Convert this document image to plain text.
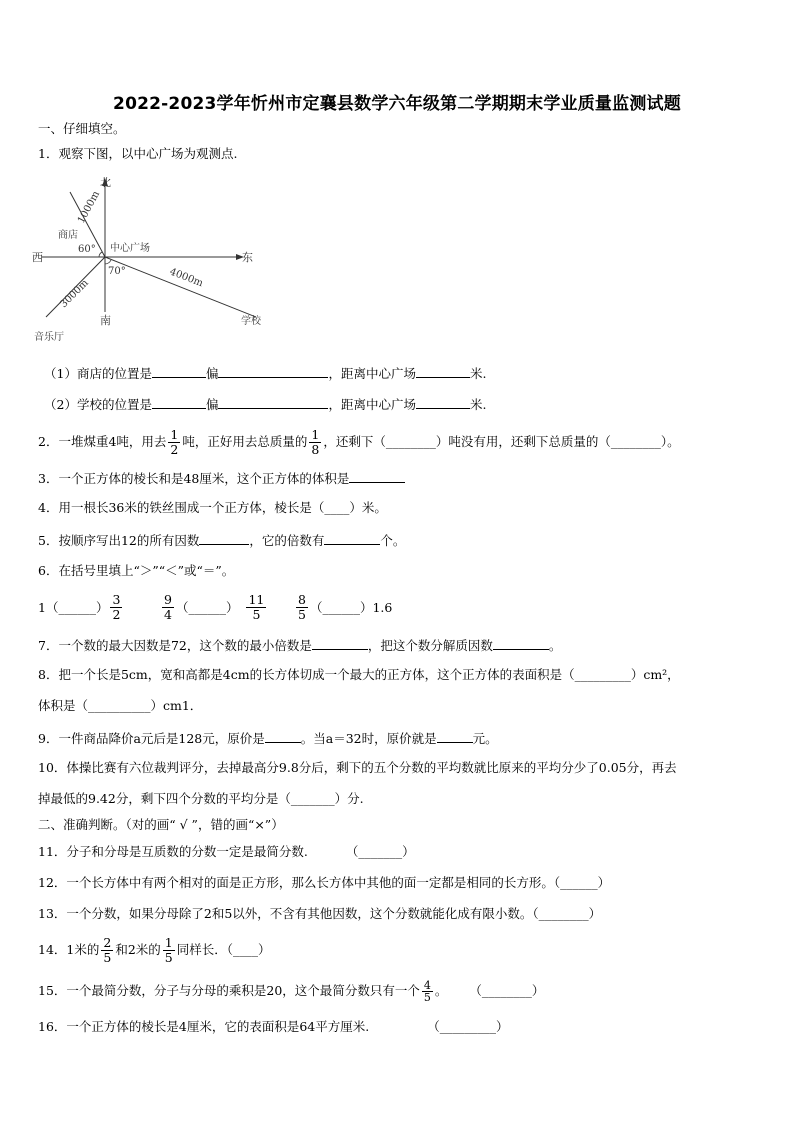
2022-2023学年忻州市定襄县数学六年级第二学期期末学业质量监测试题
一、仔细填空。
1．观察下图，以中心广场为观测点.
北
南
东
西
中心广场
商店
学校
音乐厅
60°
70°
1000m
4000m
3000m
（1）商店的位置是	偏	，距离中心广场	米.
（2）学校的位置是	偏	，距离中心广场	米.
2．一堆煤重4吨，用去 $\frac{1}{2}$ 吨，正好用去总质量的 $\frac{1}{8}$ ，还剩下（________）吨没有用，还剩下总质量的（________）。
3．一个正方体的棱长和是48厘米，这个正方体的体积是
4．用一根长36米的铁丝围成一个正方体，棱长是（____）米。
5．按顺序写出12的所有因数	，它的倍数有	个。
6．在括号里填上“＞”“＜”或“＝”。
1（______） $\frac{3}{2}$	$\frac{9}{4}$ （______） $\frac{11}{5} \frac{8}{5}$ （______）1.6
7．一个数的最大因数是72，这个数的最小倍数是	，把这个数分解质因数	。
8．把一个长是5cm，宽和高都是4cm的长方体切成一个最大的正方体，这个正方体的表面积是（_________）cm²，
体积是（__________）cm1．
9．一件商品降价a元后是128元，原价是	。当a＝32时，原价就是	元。
10．体操比赛有六位裁判评分，去掉最高分9.8分后，剩下的五个分数的平均数就比原来的平均分少了0.05分，再去
掉最低的9.42分，剩下四个分数的平均分是（_______）分.
二、准确判断。（对的画“ √ ”，错的画“×”）
11．分子和分母是互质数的分数一定是最简分数.	（_______）
12．一个长方体中有两个相对的面是正方形，那么长方体中其他的面一定都是相同的长方形。（______）
13．一个分数，如果分母除了2和5以外，不含有其他因数，这个分数就能化成有限小数。（________）
14．1米的 $\frac{2}{5}$ 和2米的 $\frac{1}{5}$ 同样长．（____）
15．一个最简分数，分子与分母的乘积是20，这个最简分数只有一个 $\frac{4}{5}$ 。 （________）
16．一个正方体的棱长是4厘米，它的表面积是64平方厘米.	（_________）
